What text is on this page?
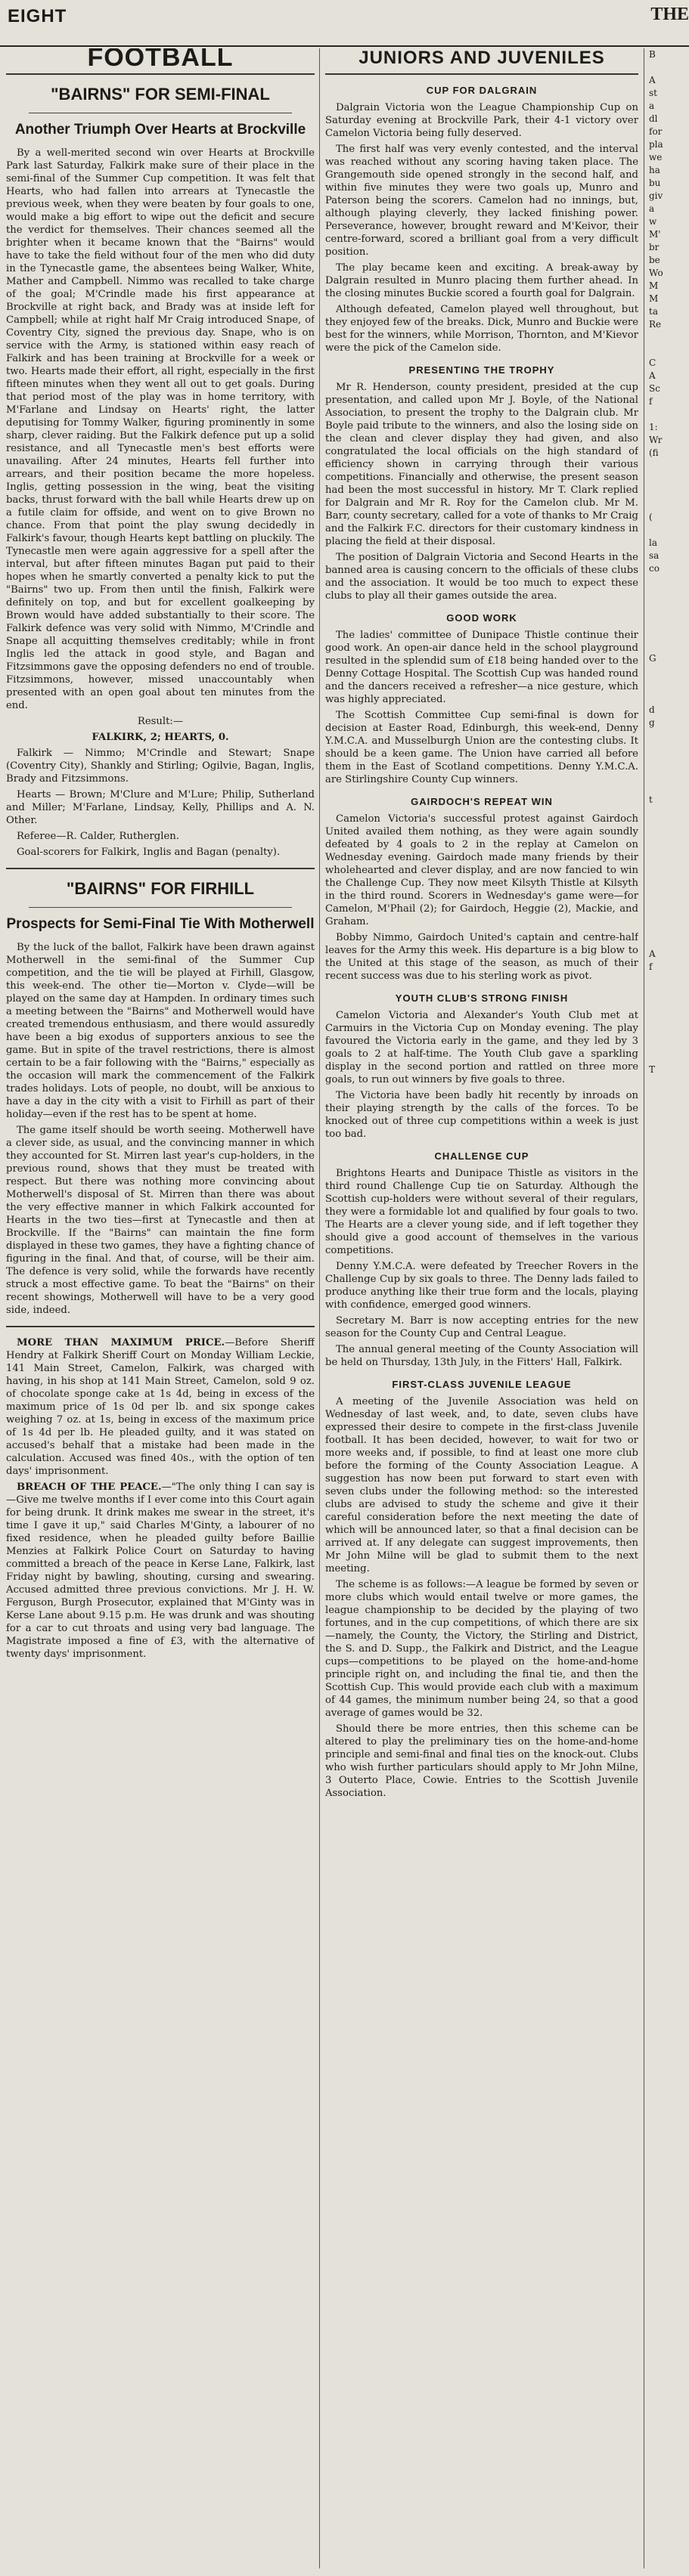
EIGHT	THE
FOOTBALL
"BAIRNS" FOR SEMI-FINAL
Another Triumph Over Hearts at Brockville

By a well-merited second win over Hearts at Brockville Park last Saturday, Falkirk make sure of their place in the semi-final of the Summer Cup competition. It was felt that Hearts, who had fallen into arrears at Tynecastle the previous week, when they were beaten by four goals to one, would make a big effort to wipe out the deficit and secure the verdict for themselves. Their chances seemed all the brighter when it became known that the "Bairns" would have to take the field without four of the men who did duty in the Tynecastle game, the absentees being Walker, White, Mather and Campbell. Nimmo was recalled to take charge of the goal; M'Crindle made his first appearance at Brockville at right back, and Brady was at inside left for Campbell; while at right half Mr Craig introduced Snape, of Coventry City, signed the previous day. Snape, who is on service with the Army, is stationed within easy reach of Falkirk and has been training at Brockville for a week or two. Hearts made their effort, all right, especially in the first fifteen minutes when they went all out to get goals. During that period most of the play was in home territory, with M'Farlane and Lindsay on Hearts' right, the latter deputising for Tommy Walker, figuring prominently in some sharp, clever raiding. But the Falkirk defence put up a solid resistance, and all Tynecastle men's best efforts were unavailing. After 24 minutes, Hearts fell further into arrears, and their position became the more hopeless. Inglis, getting possession in the wing, beat the visiting backs, thrust forward with the ball while Hearts drew up on a futile claim for offside, and went on to give Brown no chance. From that point the play swung decidedly in Falkirk's favour, though Hearts kept battling on pluckily. The Tynecastle men were again aggressive for a spell after the interval, but after fifteen minutes Bagan put paid to their hopes when he smartly converted a penalty kick to put the "Bairns" two up. From then until the finish, Falkirk were definitely on top, and but for excellent goalkeeping by Brown would have added substantially to their score. The Falkirk defence was very solid with Nimmo, M'Crindle and Snape all acquitting themselves creditably; while in front Inglis led the attack in good style, and Bagan and Fitzsimmons gave the opposing defenders no end of trouble. Fitzsimmons, however, missed unaccountably when presented with an open goal about ten minutes from the end.

Result:—

FALKIRK, 2; HEARTS, 0.

Falkirk — Nimmo; M'Crindle and Stewart; Snape (Coventry City), Shankly and Stirling; Ogilvie, Bagan, Inglis, Brady and Fitzsimmons.

Hearts — Brown; M'Clure and M'Lure; Philip, Sutherland and Miller; M'Farlane, Lindsay, Kelly, Phillips and A. N. Other.

Referee—R. Calder, Rutherglen.

Goal-scorers for Falkirk, Inglis and Bagan (penalty).

"BAIRNS" FOR FIRHILL
Prospects for Semi-Final Tie With Motherwell

By the luck of the ballot, Falkirk have been drawn against Motherwell in the semi-final of the Summer Cup competition, and the tie will be played at Firhill, Glasgow, this week-end. The other tie—Morton v. Clyde—will be played on the same day at Hampden. In ordinary times such a meeting between the "Bairns" and Motherwell would have created tremendous enthusiasm, and there would assuredly have been a big exodus of supporters anxious to see the game. But in spite of the travel restrictions, there is almost certain to be a fair following with the "Bairns," especially as the occasion will mark the commencement of the Falkirk trades holidays. Lots of people, no doubt, will be anxious to have a day in the city with a visit to Firhill as part of their holiday—even if the rest has to be spent at home.

The game itself should be worth seeing. Motherwell have a clever side, as usual, and the convincing manner in which they accounted for St. Mirren last year's cup-holders, in the previous round, shows that they must be treated with respect. But there was nothing more convincing about Motherwell's disposal of St. Mirren than there was about the very effective manner in which Falkirk accounted for Hearts in the two ties—first at Tynecastle and then at Brockville. If the "Bairns" can maintain the fine form displayed in these two games, they have a fighting chance of figuring in the final. And that, of course, will be their aim. The defence is very solid, while the forwards have recently struck a most effective game. To beat the "Bairns" on their recent showings, Motherwell will have to be a very good side, indeed.

MORE THAN MAXIMUM PRICE.—Before Sheriff Hendry at Falkirk Sheriff Court on Monday William Leckie, 141 Main Street, Camelon, Falkirk, was charged with having, in his shop at 141 Main Street, Camelon, sold 9 oz. of chocolate sponge cake at 1s 4d, being in excess of the maximum price of 1s 0d per lb. and six sponge cakes weighing 7 oz. at 1s, being in excess of the maximum price of 1s 4d per lb. He pleaded guilty, and it was stated on accused's behalf that a mistake had been made in the calculation. Accused was fined 40s., with the option of ten days' imprisonment.

BREACH OF THE PEACE.—"The only thing I can say is—Give me twelve months if I ever come into this Court again for being drunk. It drink makes me swear in the street, it's time I gave it up," said Charles M'Ginty, a labourer of no fixed residence, when he pleaded guilty before Baillie Menzies at Falkirk Police Court on Saturday to having committed a breach of the peace in Kerse Lane, Falkirk, last Friday night by bawling, shouting, cursing and swearing. Accused admitted three previous convictions. Mr J. H. W. Ferguson, Burgh Prosecutor, explained that M'Ginty was in Kerse Lane about 9.15 p.m. He was drunk and was shouting for a car to cut throats and using very bad language. The Magistrate imposed a fine of £3, with the alternative of twenty days' imprisonment.

JUNIORS AND JUVENILES
CUP FOR DALGRAIN

Dalgrain Victoria won the League Championship Cup on Saturday evening at Brockville Park, their 4-1 victory over Camelon Victoria being fully deserved.

The first half was very evenly contested, and the interval was reached without any scoring having taken place. The Grangemouth side opened strongly in the second half, and within five minutes they were two goals up, Munro and Paterson being the scorers. Camelon had no innings, but, although playing cleverly, they lacked finishing power. Perseverance, however, brought reward and M'Keivor, their centre-forward, scored a brilliant goal from a very difficult position.

The play became keen and exciting. A break-away by Dalgrain resulted in Munro placing them further ahead. In the closing minutes Buckie scored a fourth goal for Dalgrain.

Although defeated, Camelon played well throughout, but they enjoyed few of the breaks. Dick, Munro and Buckie were best for the winners, while Morrison, Thornton, and M'Kievor were the pick of the Camelon side.

PRESENTING THE TROPHY

Mr R. Henderson, county president, presided at the cup presentation, and called upon Mr J. Boyle, of the National Association, to present the trophy to the Dalgrain club. Mr Boyle paid tribute to the winners, and also the losing side on the clean and clever display they had given, and also congratulated the local officials on the high standard of efficiency shown in carrying through their various competitions. Financially and otherwise, the present season had been the most successful in history. Mr T. Clark replied for Dalgrain and Mr R. Roy for the Camelon club. Mr M. Barr, county secretary, called for a vote of thanks to Mr Craig and the Falkirk F.C. directors for their customary kindness in placing the field at their disposal.

The position of Dalgrain Victoria and Second Hearts in the banned area is causing concern to the officials of these clubs and the association. It would be too much to expect these clubs to play all their games outside the area.

GOOD WORK

The ladies' committee of Dunipace Thistle continue their good work. An open-air dance held in the school playground resulted in the splendid sum of £18 being handed over to the Denny Cottage Hospital. The Scottish Cup was handed round and the dancers received a refresher—a nice gesture, which was highly appreciated.

The Scottish Committee Cup semi-final is down for decision at Easter Road, Edinburgh, this week-end, Denny Y.M.C.A. and Musselburgh Union are the contesting clubs. It should be a keen game. The Union have carried all before them in the East of Scotland competitions. Denny Y.M.C.A. are Stirlingshire County Cup winners.

GAIRDOCH'S REPEAT WIN

Camelon Victoria's successful protest against Gairdoch United availed them nothing, as they were again soundly defeated by 4 goals to 2 in the replay at Camelon on Wednesday evening. Gairdoch made many friends by their wholehearted and clever display, and are now fancied to win the Challenge Cup. They now meet Kilsyth Thistle at Kilsyth in the third round. Scorers in Wednesday's game were—for Camelon, M'Phail (2); for Gairdoch, Heggie (2), Mackie, and Graham.

Bobby Nimmo, Gairdoch United's captain and centre-half leaves for the Army this week. His departure is a big blow to the United at this stage of the season, as much of their recent success was due to his sterling work as pivot.

YOUTH CLUB'S STRONG FINISH

Camelon Victoria and Alexander's Youth Club met at Carmuirs in the Victoria Cup on Monday evening. The play favoured the Victoria early in the game, and they led by 3 goals to 2 at half-time. The Youth Club gave a sparkling display in the second portion and rattled on three more goals, to run out winners by five goals to three.

The Victoria have been badly hit recently by inroads on their playing strength by the calls of the forces. To be knocked out of three cup competitions within a week is just too bad.

CHALLENGE CUP

Brightons Hearts and Dunipace Thistle as visitors in the third round Challenge Cup tie on Saturday. Although the Scottish cup-holders were without several of their regulars, they were a formidable lot and qualified by four goals to two. The Hearts are a clever young side, and if left together they should give a good account of themselves in the various competitions.

Denny Y.M.C.A. were defeated by Treecher Rovers in the Challenge Cup by six goals to three. The Denny lads failed to produce anything like their true form and the locals, playing with confidence, emerged good winners.

Secretary M. Barr is now accepting entries for the new season for the County Cup and Central League.

The annual general meeting of the County Association will be held on Thursday, 13th July, in the Fitters' Hall, Falkirk.

FIRST-CLASS JUVENILE LEAGUE

A meeting of the Juvenile Association was held on Wednesday of last week, and, to date, seven clubs have expressed their desire to compete in the first-class Juvenile football. It has been decided, however, to wait for two or more weeks and, if possible, to find at least one more club before the forming of the County Association League. A suggestion has now been put forward to start even with seven clubs under the following method: so the interested clubs are advised to study the scheme and give it their careful consideration before the next meeting the date of which will be announced later, so that a final decision can be arrived at. If any delegate can suggest improvements, then Mr John Milne will be glad to submit them to the next meeting.

The scheme is as follows:—A league be formed by seven or more clubs which would entail twelve or more games, the league championship to be decided by the playing of two fortunes, and in the cup competitions, of which there are six—namely, the County, the Victory, the Stirling and District, the S. and D. Supp., the Falkirk and District, and the League cups—competitions to be played on the home-and-home principle right on, and including the final tie, and then the Scottish Cup. This would provide each club with a maximum of 44 games, the minimum number being 24, so that a good average of games would be 32.

Should there be more entries, then this scheme can be altered to play the preliminary ties on the home-and-home principle and semi-final and final ties on the knock-out. Clubs who wish further particulars should apply to Mr John Milne, 3 Outerto Place, Cowie. Entries to the Scottish Juvenile Association.

B
A
st
a
dl
for
pla
we
ha
bu
giv
a
w
M'
br
be
Wo
M
M
ta
Re
C
A
Sc
f
1:
Wr
(fi
(
la
sa
co
G
d
g
t
A
f
T
